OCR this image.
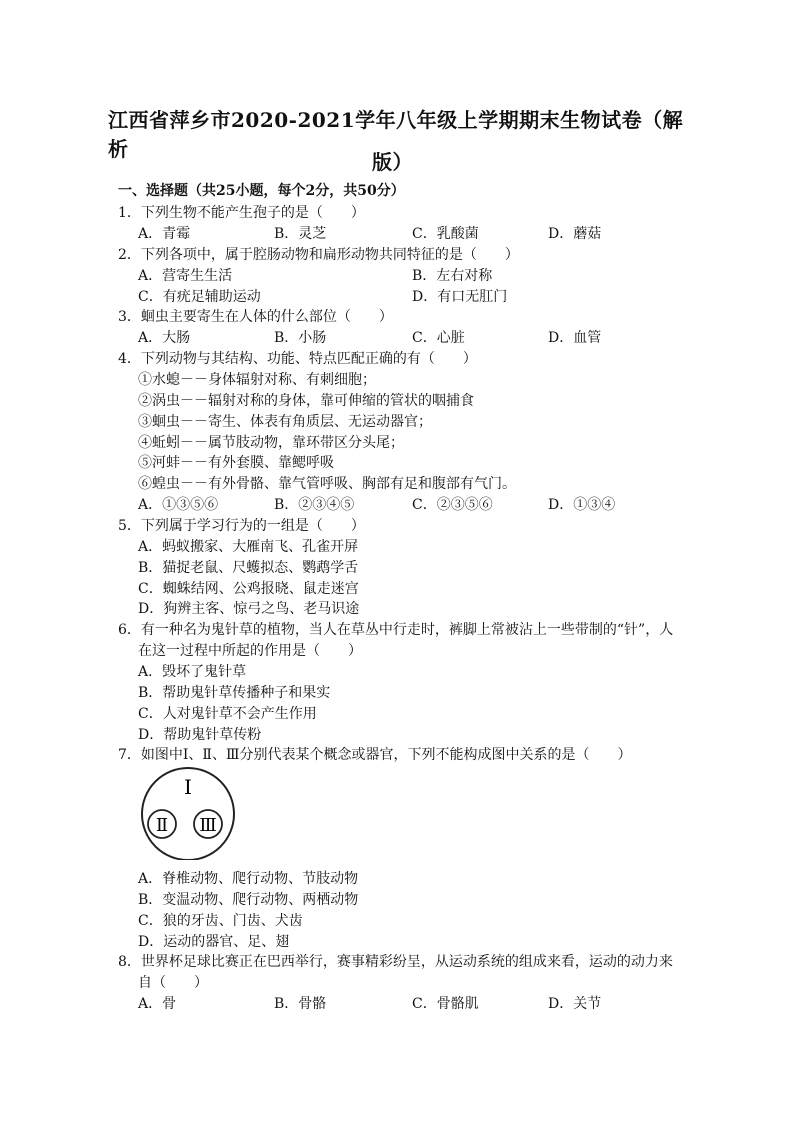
江西省萍乡市2020-2021学年八年级上学期期末生物试卷（解析
版）
一、选择题（共25小题，每个2分，共50分）
1．下列生物不能产生孢子的是（　　）
A．青霉	B．灵芝	C．乳酸菌	D．蘑菇
2．下列各项中，属于腔肠动物和扁形动物共同特征的是（　　）
A．营寄生生活	B．左右对称
C．有疣足辅助运动	D．有口无肛门
3．蛔虫主要寄生在人体的什么部位（　　）
A．大肠	B．小肠	C．心脏	D．血管
4．下列动物与其结构、功能、特点匹配正确的有（　　）
①水螅－－身体辐射对称、有刺细胞；
②涡虫－－辐射对称的身体，靠可伸缩的管状的咽捕食
③蛔虫－－寄生、体表有角质层、无运动器官；
④蚯蚓－－属节肢动物，靠环带区分头尾；
⑤河蚌－－有外套膜、靠鳃呼吸
⑥蝗虫－－有外骨骼、靠气管呼吸、胸部有足和腹部有气门。
A．①③⑤⑥	B．②③④⑤	C．②③⑤⑥	D．①③④
5．下列属于学习行为的一组是（　　）
A．蚂蚁搬家、大雁南飞、孔雀开屏
B．猫捉老鼠、尺蠖拟态、鹦鹉学舌
C．蜘蛛结网、公鸡报晓、鼠走迷宫
D．狗辨主客、惊弓之鸟、老马识途
6．有一种名为鬼针草的植物，当人在草丛中行走时，裤脚上常被沾上一些带制的“针”，人
在这一过程中所起的作用是（　　）
A．毁坏了鬼针草
B．帮助鬼针草传播种子和果实
C．人对鬼针草不会产生作用
D．帮助鬼针草传粉
7．如图中Ⅰ、Ⅱ、Ⅲ分别代表某个概念或器官，下列不能构成图中关系的是（　　）
Ⅰ
Ⅱ Ⅲ
A．脊椎动物、爬行动物、节肢动物
B．变温动物、爬行动物、两栖动物
C．狼的牙齿、门齿、犬齿
D．运动的器官、足、翅
8．世界杯足球比赛正在巴西举行，赛事精彩纷呈，从运动系统的组成来看，运动的动力来
自（　　）
A．骨	B．骨骼	C．骨骼肌	D．关节
